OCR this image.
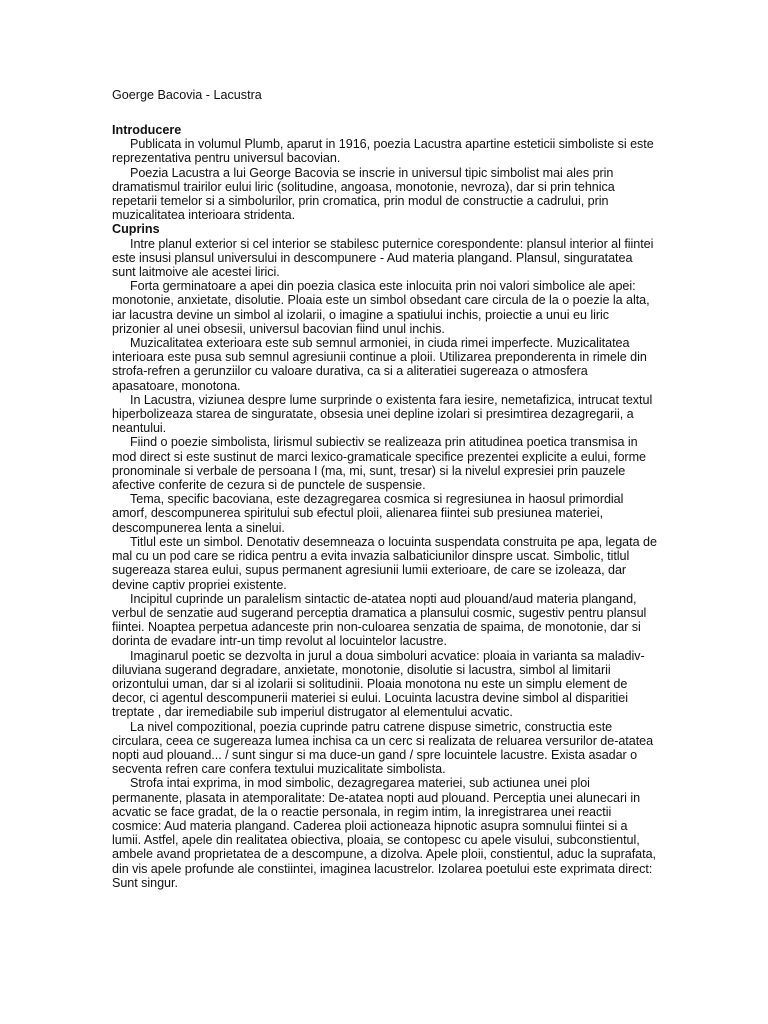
Goerge Bacovia - Lacustra
Introducere

Publicata in volumul Plumb, aparut in 1916, poezia Lacustra apartine esteticii simboliste si este reprezentativa pentru universul bacovian.

Poezia Lacustra a lui George Bacovia se inscrie in universul tipic simbolist mai ales prin dramatismul trairilor eului liric (solitudine, angoasa, monotonie, nevroza), dar si prin tehnica repetarii temelor si a simbolurilor, prin cromatica, prin modul de constructie a cadrului, prin muzicalitatea interioara stridenta.

Cuprins

Intre planul exterior si cel interior se stabilesc puternice corespondente: plansul interior al fiintei este insusi plansul universului in descompunere - Aud materia plangand. Plansul, singuratatea sunt laitmoive ale acestei lirici.

Forta germinatoare a apei din poezia clasica este inlocuita prin noi valori simbolice ale apei: monotonie, anxietate, disolutie. Ploaia este un simbol obsedant care circula de la o poezie la alta, iar lacustra devine un simbol al izolarii, o imagine a spatiului inchis, proiectie a unui eu liric prizonier al unei obsesii, universul bacovian fiind unul inchis.

Muzicalitatea exterioara este sub semnul armoniei, in ciuda rimei imperfecte. Muzicalitatea interioara este pusa sub semnul agresiunii continue a ploii. Utilizarea preponderenta in rimele din strofa-refren a gerunziilor cu valoare durativa, ca si a aliteratiei sugereaza o atmosfera apasatoare, monotona.

In Lacustra, viziunea despre lume surprinde o existenta fara iesire, nemetafizica, intrucat textul hiperbolizeaza starea de singuratate, obsesia unei depline izolari si presimtirea dezagregarii, a neantului.

Fiind o poezie simbolista, lirismul subiectiv se realizeaza prin atitudinea poetica transmisa in mod direct si este sustinut de marci lexico-gramaticale specifice prezentei explicite a eului, forme pronominale si verbale de persoana I (ma, mi, sunt, tresar) si la nivelul expresiei prin pauzele afective conferite de cezura si de punctele de suspensie.

Tema, specific bacoviana, este dezagregarea cosmica si regresiunea in haosul primordial amorf, descompunerea spiritului sub efectul ploii, alienarea fiintei sub presiunea materiei, descompunerea lenta a sinelui.

Titlul este un simbol. Denotativ desemneaza o locuinta suspendata construita pe apa, legata de mal cu un pod care se ridica pentru a evita invazia salbaticiunilor dinspre uscat. Simbolic, titlul sugereaza starea eului, supus permanent agresiunii lumii exterioare, de care se izoleaza, dar devine captiv propriei existente.

Incipitul cuprinde un paralelism sintactic de-atatea nopti aud plouand/aud materia plangand, verbul de senzatie aud sugerand perceptia dramatica a plansului cosmic, sugestiv pentru plansul fiintei. Noaptea perpetua adanceste prin non-culoarea senzatia de spaima, de monotonie, dar si dorinta de evadare intr-un timp revolut al locuintelor lacustre.

Imaginarul poetic se dezvolta in jurul a doua simboluri acvatice: ploaia in varianta sa maladiv-diluviana sugerand degradare, anxietate, monotonie, disolutie si lacustra, simbol al limitarii orizontului uman, dar si al izolarii si solitudinii. Ploaia monotona nu este un simplu element de decor, ci agentul descompunerii materiei si eului. Locuinta lacustra devine simbol al disparitiei treptate , dar iremediabile sub imperiul distrugator al elementului acvatic.

La nivel compozitional, poezia cuprinde patru catrene dispuse simetric, constructia este circulara, ceea ce sugereaza lumea inchisa ca un cerc si realizata de reluarea versurilor de-atatea nopti aud plouand... / sunt singur si ma duce-un gand / spre locuintele lacustre. Exista asadar o secventa refren care confera textului muzicalitate simbolista.

Strofa intai exprima, in mod simbolic, dezagregarea materiei, sub actiunea unei ploi permanente, plasata in atemporalitate: De-atatea nopti aud plouand. Perceptia unei alunecari in acvatic se face gradat, de la o reactie personala, in regim intim, la inregistrarea unei reactii cosmice: Aud materia plangand. Caderea ploii actioneaza hipnotic asupra somnului fiintei si a lumii. Astfel, apele din realitatea obiectiva, ploaia, se contopesc cu apele visului, subconstientul, ambele avand proprietatea de a descompune, a dizolva. Apele ploii, constientul, aduc la suprafata, din vis apele profunde ale constiintei, imaginea lacustrelor. Izolarea poetului este exprimata direct: Sunt singur.
